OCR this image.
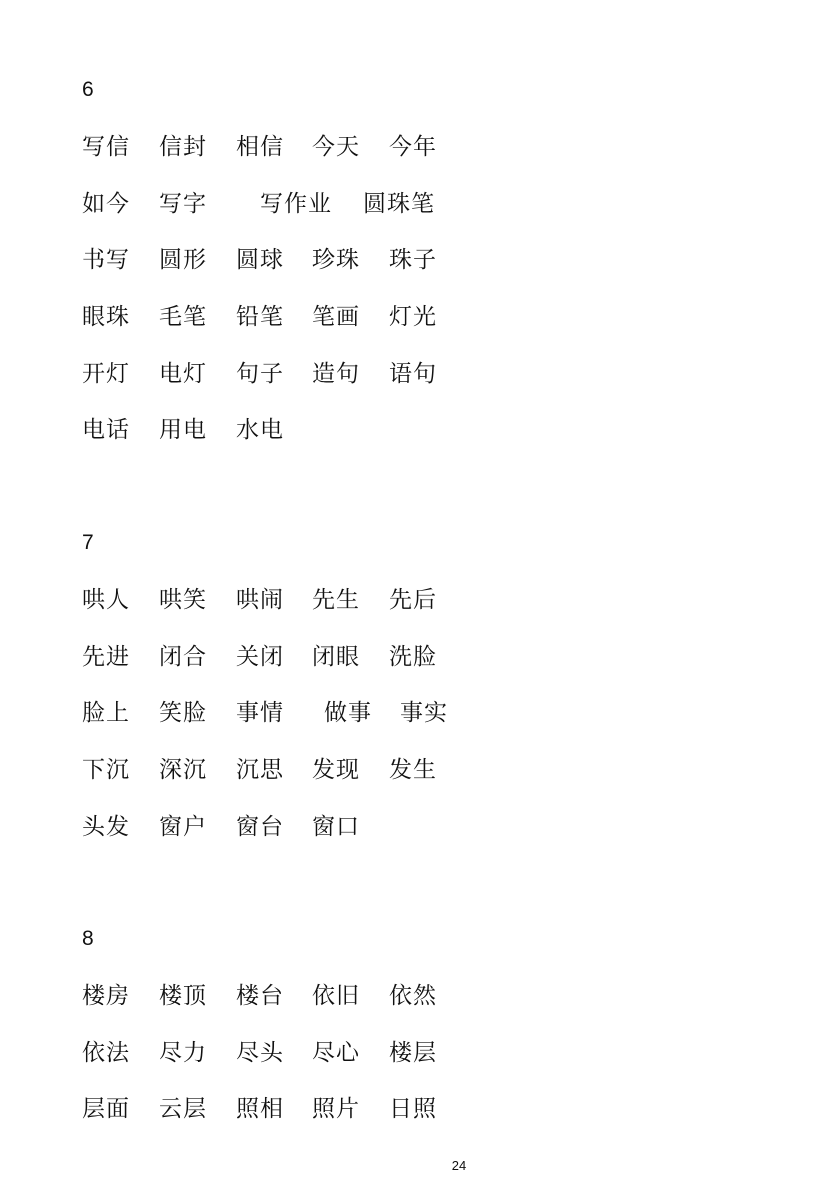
6
写信	信封	相信	今天	今年
如今	写字	写作业	圆珠笔
书写	圆形	圆球	珍珠	珠子
眼珠	毛笔	铅笔	笔画	灯光
开灯	电灯	句子	造句	语句
电话	用电	水电
7
哄人	哄笑	哄闹	先生	先后
先进	闭合	关闭	闭眼	洗脸
脸上	笑脸	事情	做事	事实
下沉	深沉	沉思	发现	发生
头发	窗户	窗台	窗口
8
楼房	楼顶	楼台	依旧	依然
依法	尽力	尽头	尽心	楼层
层面	云层	照相	照片	日照
24
